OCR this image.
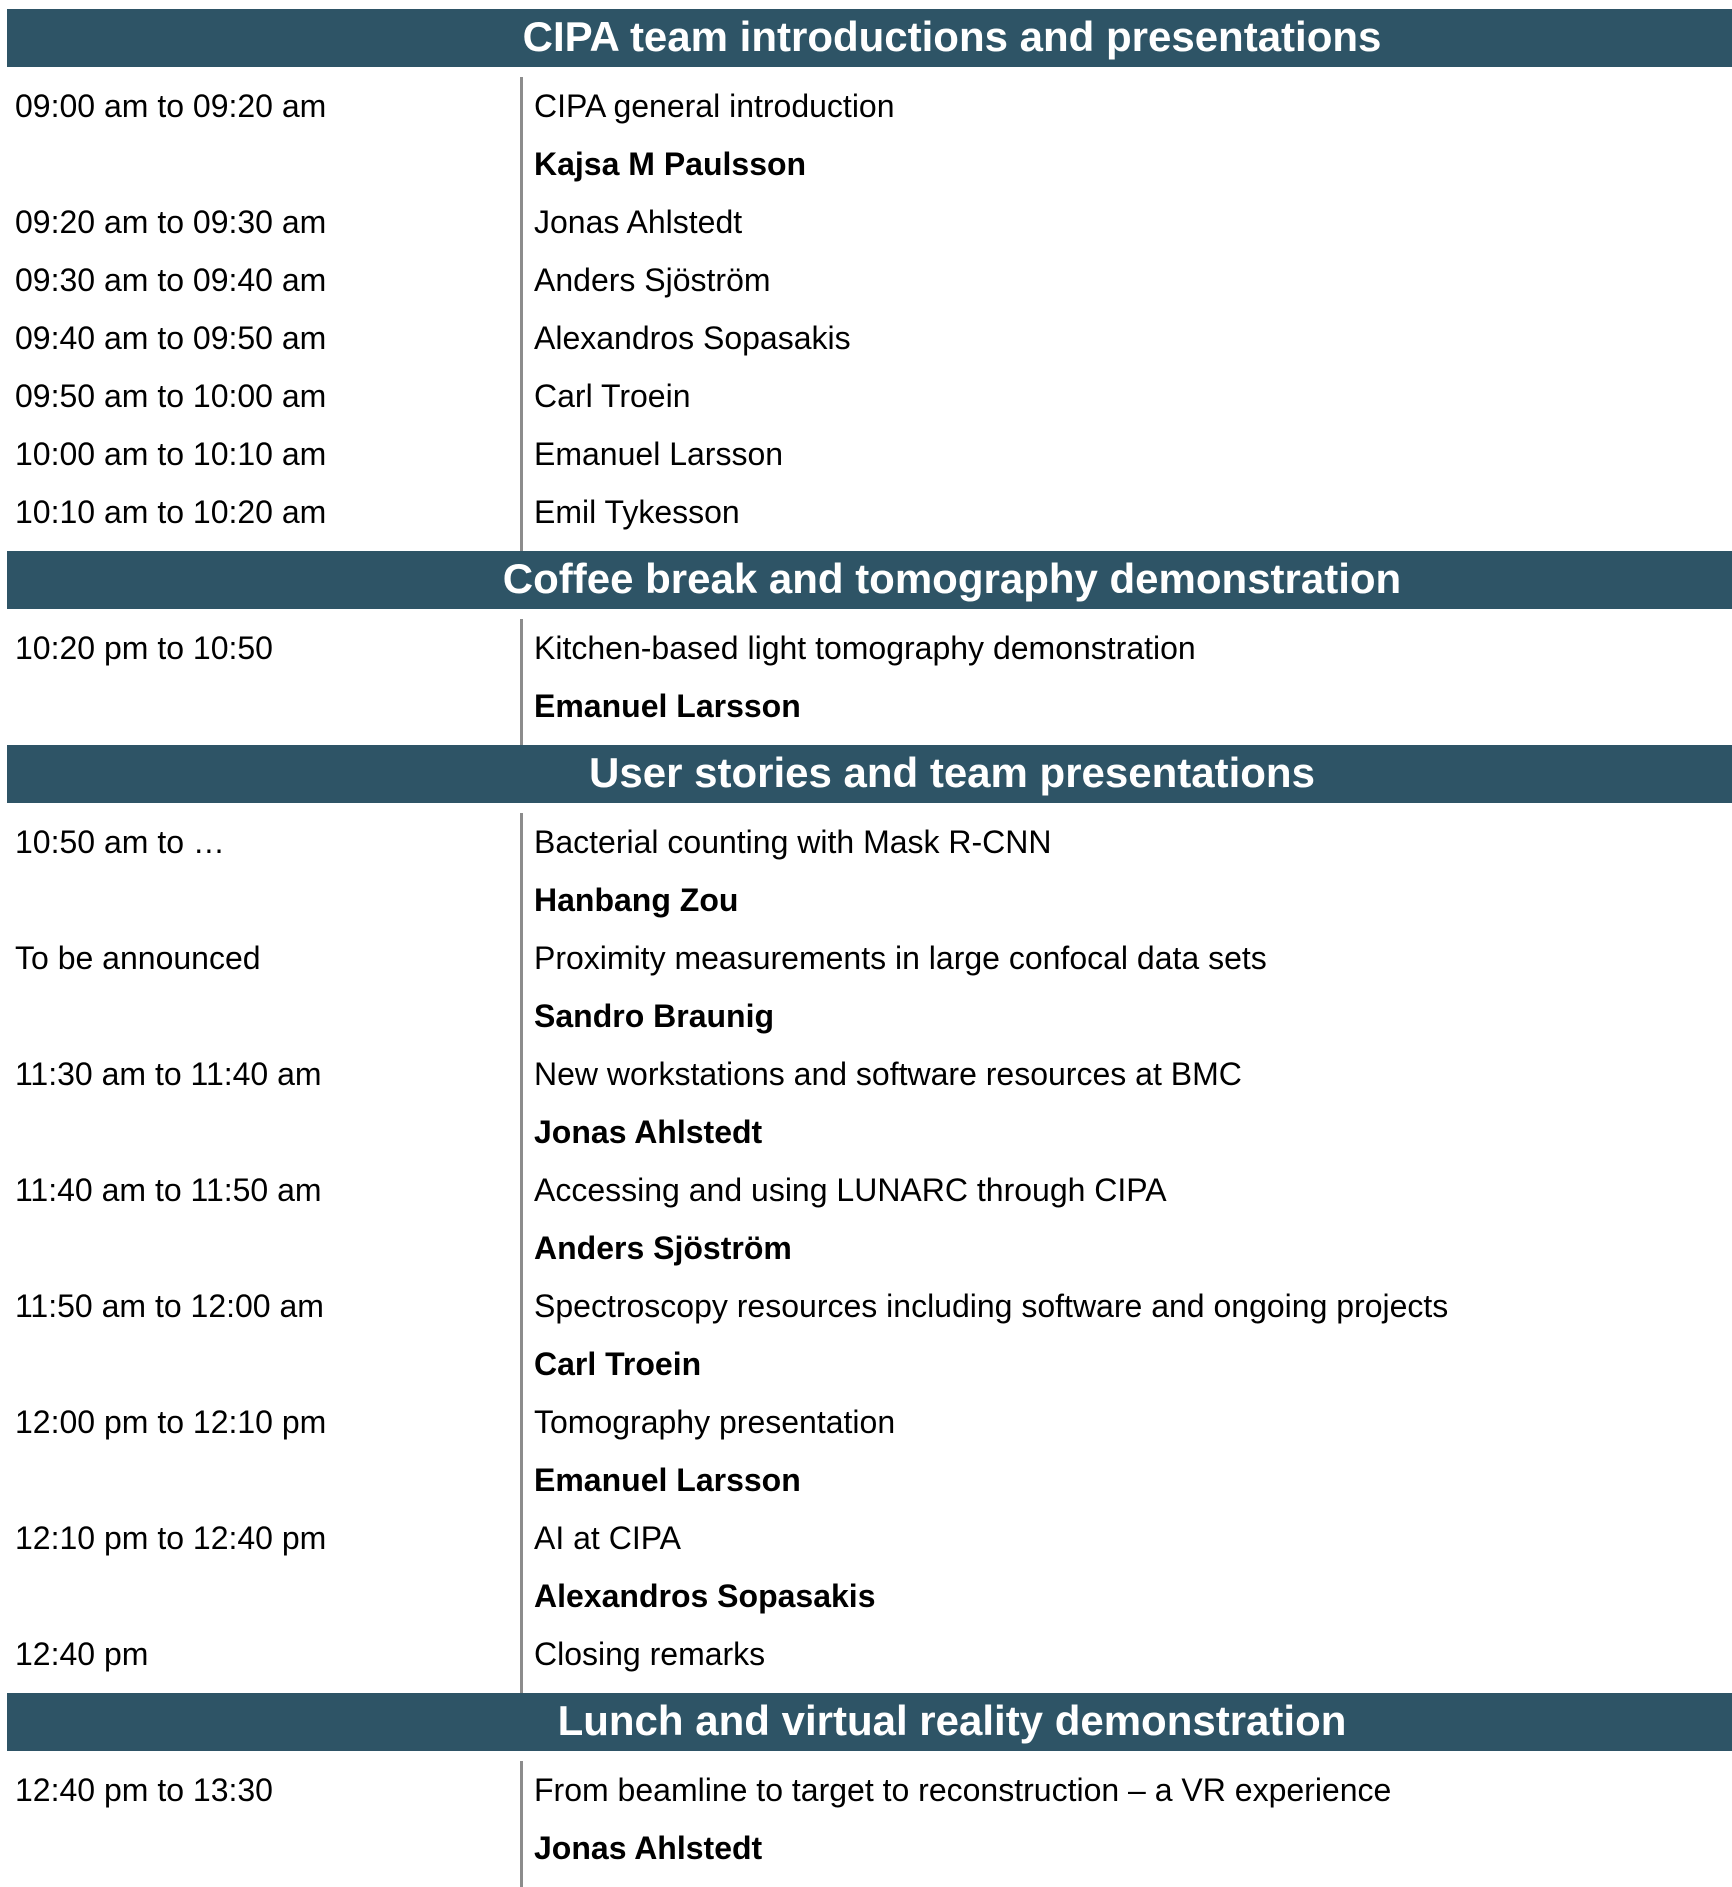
CIPA team introductions and presentations
09:00 am to 09:20 am	CIPA general introduction
Kajsa M Paulsson
09:20 am to 09:30 am	Jonas Ahlstedt
09:30 am to 09:40 am	Anders Sjöström
09:40 am to 09:50 am	Alexandros Sopasakis
09:50 am to 10:00 am	Carl Troein
10:00 am to 10:10 am	Emanuel Larsson
10:10 am to 10:20 am	Emil Tykesson
Coffee break and tomography demonstration
10:20 pm to 10:50	Kitchen-based light tomography demonstration
Emanuel Larsson
User stories and team presentations
10:50 am to …	Bacterial counting with Mask R-CNN
Hanbang Zou
To be announced	Proximity measurements in large confocal data sets
Sandro Braunig
11:30 am to 11:40 am	New workstations and software resources at BMC
Jonas Ahlstedt
11:40 am to 11:50 am	Accessing and using LUNARC through CIPA
Anders Sjöström
11:50 am to 12:00 am	Spectroscopy resources including software and ongoing projects
Carl Troein
12:00 pm to 12:10 pm	Tomography presentation
Emanuel Larsson
12:10 pm to 12:40 pm	AI at CIPA
Alexandros Sopasakis
12:40 pm	Closing remarks
Lunch and virtual reality demonstration
12:40 pm to 13:30	From beamline to target to reconstruction – a VR experience
Jonas Ahlstedt
